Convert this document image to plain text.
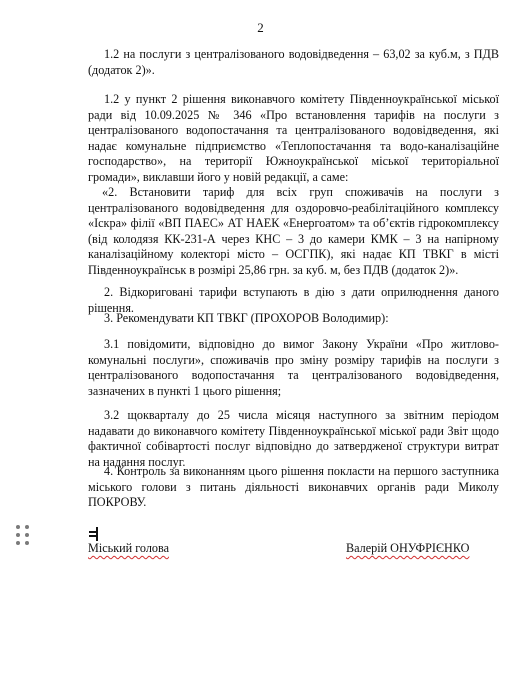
2

1.2 на послуги з централізованого водовідведення – 63,02 за куб.м, з ПДВ (додаток 2)».

1.2 у пункт 2 рішення виконавчого комітету Південноукраїнської міської ради від 10.09.2025 № 346 «Про встановлення тарифів на послуги з централізованого водопостачання та централізованого водовідведення, які надає комунальне підприємство «Теплопостачання та водо-каналізаційне господарство», на території Южноукраїнської міської територіальної громади», виклавши його у новій редакції, а саме:

«2. Встановити тариф для всіх груп споживачів на послуги з централізованого водовідведення для оздоровчо-реабілітаційного комплексу «Іскра» філії «ВП ПАЕС» АТ НАЕК «Енергоатом» та об’єктів гідрокомплексу (від колодязя КК-231-А через КНС – 3 до камери КМК – 3 на напірному каналізаційному колекторі місто – ОСГПК), які надає КП ТВКГ в місті Південноукраїнськ в розмірі 25,86 грн. за куб. м, без ПДВ (додаток 2)».

2. Відкориговані тарифи вступають в дію з дати оприлюднення даного рішення.

3. Рекомендувати КП ТВКГ (ПРОХОРОВ Володимир):

3.1 повідомити, відповідно до вимог Закону України «Про житлово-комунальні послуги», споживачів про зміну розміру тарифів на послуги з централізованого водопостачання та централізованого водовідведення, зазначених в пункті 1 цього рішення;

3.2 щокварталу до 25 числа місяця наступного за звітним періодом надавати до виконавчого комітету Південноукраїнської міської ради Звіт щодо фактичної собівартості послуг відповідно до затвердженої структури витрат на надання послуг.

4. Контроль за виконанням цього рішення покласти на першого заступника міського голови з питань діяльності виконавчих органів ради Миколу ПОКРОВУ.

Міський голова	Валерій ОНУФРІЄНКО
